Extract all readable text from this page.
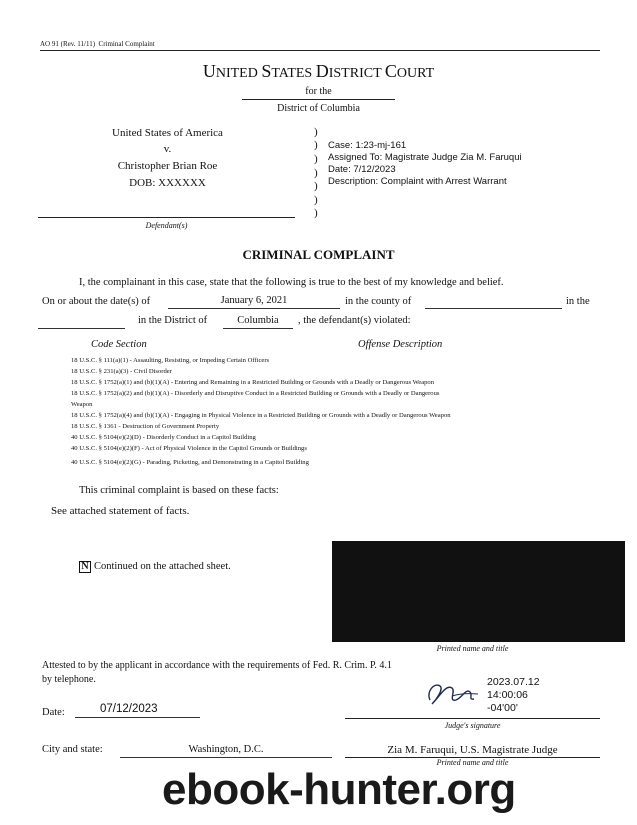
AO 91 (Rev. 11/11) Criminal Complaint
UNITED STATES DISTRICT COURT
for the
District of Columbia
United States of America
v.
Christopher Brian Roe
DOB: XXXXXX
Defendant(s)
)
)
)
)
)
)
)
Case: 1:23-mj-161
Assigned To: Magistrate Judge Zia M. Faruqui
Date: 7/12/2023
Description: Complaint with Arrest Warrant
CRIMINAL COMPLAINT
I, the complainant in this case, state that the following is true to the best of my knowledge and belief.
On or about the date(s) of	January 6, 2021	in the county of	in the
in the District of	Columbia	, the defendant(s) violated:
Code Section	Offense Description
18 U.S.C. § 111(a)(1) - Assaulting, Resisting, or Impeding Certain Officers
18 U.S.C. § 231(a)(3) - Civil Disorder
18 U.S.C. § 1752(a)(1) and (b)(1)(A) - Entering and Remaining in a Restricted Building or Grounds with a Deadly or Dangerous Weapon
18 U.S.C. § 1752(a)(2) and (b)(1)(A) - Disorderly and Disruptive Conduct in a Restricted Building or Grounds with a Deadly or Dangerous
Weapon
18 U.S.C. § 1752(a)(4) and (b)(1)(A) - Engaging in Physical Violence in a Restricted Building or Grounds with a Deadly or Dangerous Weapon
18 U.S.C. § 1361 - Destruction of Government Property
40 U.S.C. § 5104(e)(2)(D) - Disorderly Conduct in a Capitol Building
40 U.S.C. § 5104(e)(2)(F) - Act of Physical Violence in the Capitol Grounds or Buildings
40 U.S.C. § 5104(e)(2)(G) - Parading, Picketing, and Demonstrating in a Capitol Building
This criminal complaint is based on these facts:
See attached statement of facts.
N Continued on the attached sheet.
Printed name and title
Attested to by the applicant in accordance with the requirements of Fed. R. Crim. P. 4.1
by telephone.	2023.07.12
14:00:06
-04'00'
Judge's signature
Date:	07/12/2023
City and state:	Washington, D.C.	Zia M. Faruqui, U.S. Magistrate Judge
Printed name and title
ebook-hunter.org
